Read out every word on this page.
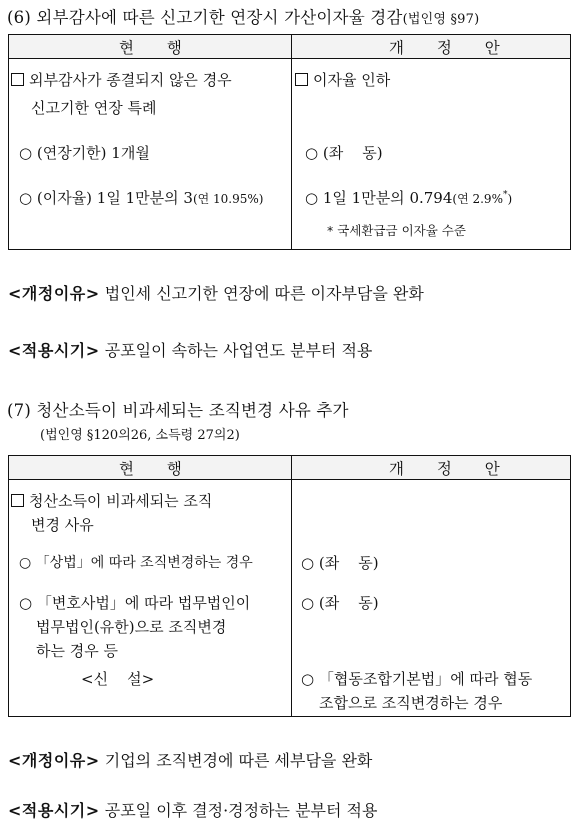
(6) 외부감사에 따른 신고기한 연장시 가산이자율 경감(법인영 §97)
현 행	개 정 안
외부감사가 종결되지 않은 경우
신고기한 연장 특례
○ (연장기한) 1개월
○ (이자율) 1일 1만분의 3(연 10.95%)
이자율 인하
○ (좌    동)
○ 1일 1만분의 0.794(연 2.9%*)
* 국세환급금 이자율 수준
<개정이유> 법인세 신고기한 연장에 따른 이자부담을 완화
<적용시기> 공포일이 속하는 사업연도 분부터 적용
(7) 청산소득이 비과세되는 조직변경 사유 추가
(법인영 §120의26, 소득령 27의2)
현 행	개 정 안
청산소득이 비과세되는 조직
변경 사유
○ 「상법」에 따라 조직변경하는 경우
○ 「변호사법」에 따라 법무법인이
법무법인(유한)으로 조직변경
하는 경우 등
<신    설>
○ (좌    동)
○ (좌    동)
○ 「협동조합기본법」에 따라 협동
조합으로 조직변경하는 경우
<개정이유> 기업의 조직변경에 따른 세부담을 완화
<적용시기> 공포일 이후 결정·경정하는 분부터 적용
